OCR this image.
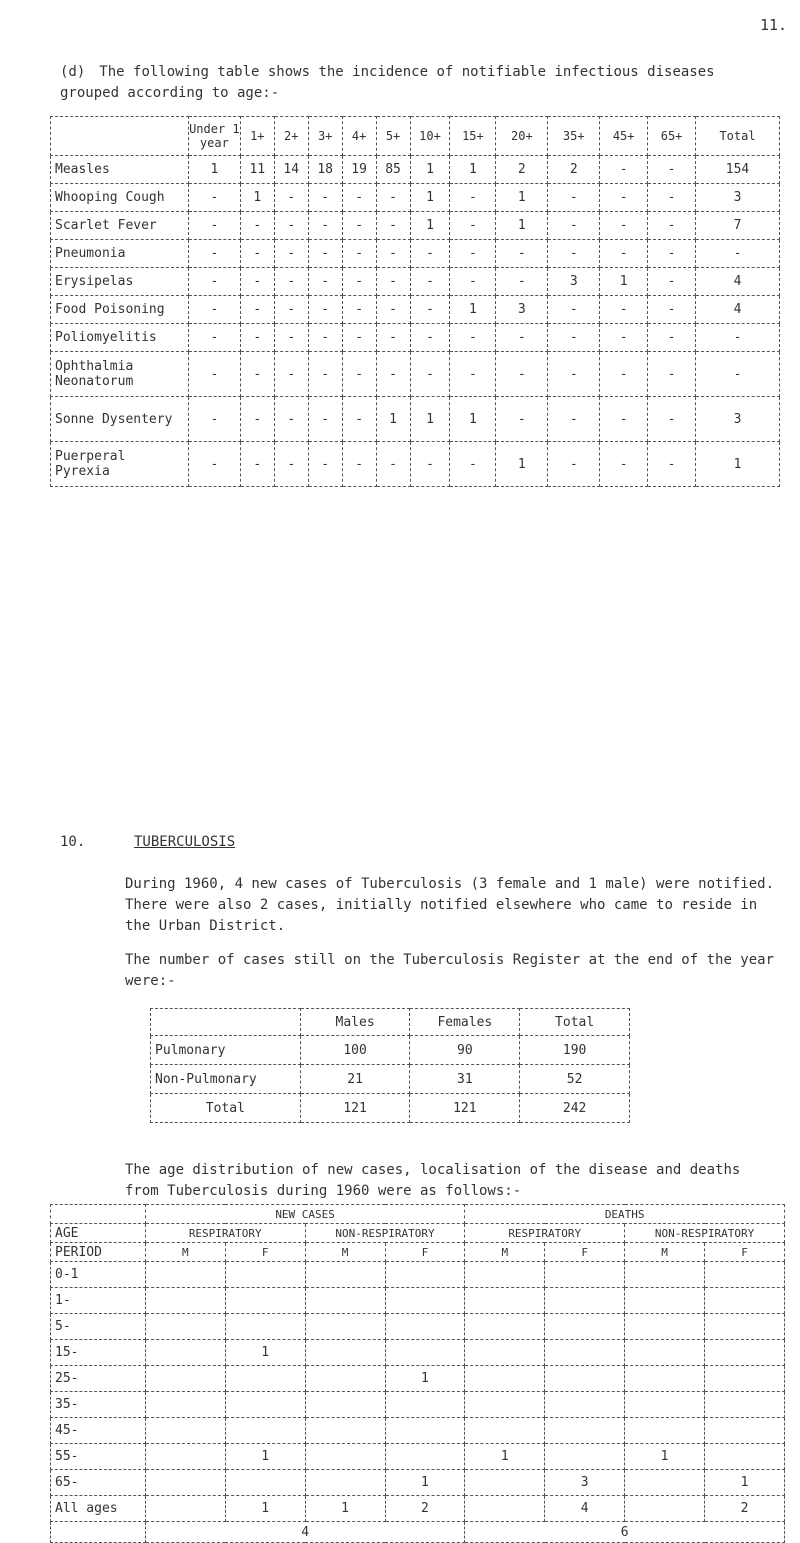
11.
(d) The following table shows the incidence of notifiable infectious diseases grouped according to age:-
	Under 1 year	1+	2+	3+	4+	5+	10+	15+	20+	35+	45+	65+	Total
Measles	1	11	14	18	19	85	1	1	2	2	-	-	154
Whooping Cough	-	1	-	-	-	-	1	-	1	-	-	-	3
Scarlet Fever	-	-	-	-	-	-	1	-	1	-	-	-	7
Pneumonia	-	-	-	-	-	-	-	-	-	-	-	-	-
Erysipelas	-	-	-	-	-	-	-	-	-	3	1	-	4
Food Poisoning	-	-	-	-	-	-	-	1	3	-	-	-	4
Poliomyelitis	-	-	-	-	-	-	-	-	-	-	-	-	-
Ophthalmia Neonatorum	-	-	-	-	-	-	-	-	-	-	-	-	-
Sonne Dysentery	-	-	-	-	-	1	1	1	-	-	-	-	3
Puerperal Pyrexia	-	-	-	-	-	-	-	-	1	-	-	-	1
10.	TUBERCULOSIS
During 1960, 4 new cases of Tuberculosis (3 female and 1 male) were notified. There were also 2 cases, initially notified elsewhere who came to reside in the Urban District.
The number of cases still on the Tuberculosis Register at the end of the year were:-
	Males	Females	Total
Pulmonary	100	90	190
Non-Pulmonary	21	31	52
Total	121	121	242
The age distribution of new cases, localisation of the disease and deaths from Tuberculosis during 1960 were as follows:-
	NEW CASES				DEATHS			
AGE	RESPIRATORY		NON-RESPIRATORY		RESPIRATORY		NON-RESPIRATORY	
PERIOD	M	F	M	F	M	F	M	F
0-1								
1-								
5-								
15-		1						
25-				1				
35-								
45-								
55-		1			1		1	
65-				1		3		1
All ages		1	1	2		4		2
	4				6			
